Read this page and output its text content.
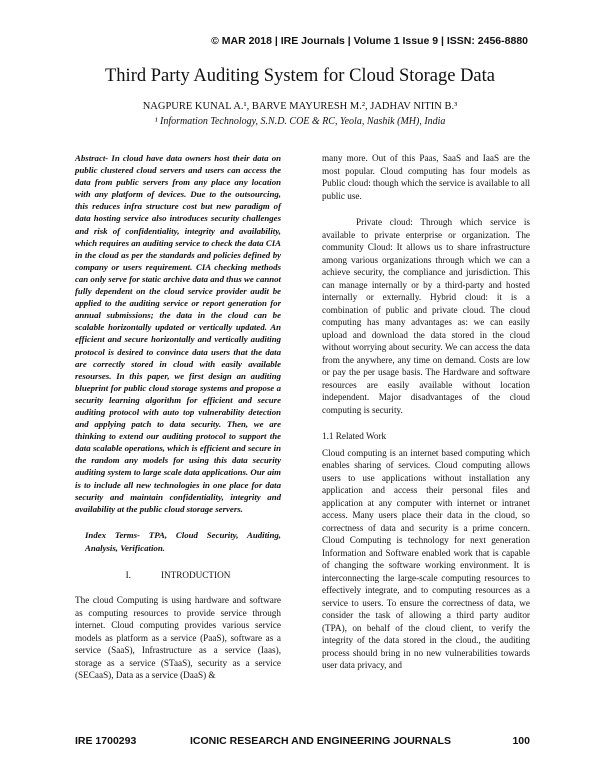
© MAR 2018 | IRE Journals | Volume 1 Issue 9 | ISSN: 2456-8880
Third Party Auditing System for Cloud Storage Data
NAGPURE KUNAL A.¹, BARVE MAYURESH M.², JADHAV NITIN B.³
¹ Information Technology, S.N.D. COE & RC, Yeola, Nashik (MH), India
Abstract- In cloud have data owners host their data on public clustered cloud servers and users can access the data from public servers from any place any location with any platform of devices. Due to the outsourcing, this reduces infra structure cost but new paradigm of data hosting service also introduces security challenges and risk of confidentiality, integrity and availability, which requires an auditing service to check the data CIA in the cloud as per the standards and policies defined by company or users requirement. CIA checking methods can only serve for static archive data and thus we cannot fully dependent on the cloud service provider audit be applied to the auditing service or report generation for annual submissions; the data in the cloud can be scalable horizontally updated or vertically updated. An efficient and secure horizontally and vertically auditing protocol is desired to convince data users that the data are correctly stored in cloud with easily available resourses. In this paper, we first design an auditing blueprint for public cloud storage systems and propose a security learning algorithm for efficient and secure auditing protocol with auto top vulnerability detection and applying patch to data security. Then, we are thinking to extend our auditing protocol to support the data scalable operations, which is efficient and secure in the random any models for using this data security auditing system to large scale data applications. Our aim is to include all new technologies in one place for data security and maintain confidentiality, integrity and availability at the public cloud storage servers.
Index Terms- TPA, Cloud Security, Auditing, Analysis, Verification.
I.	INTRODUCTION
The cloud Computing is using hardware and software as computing resources to provide service through internet. Cloud computing provides various service models as platform as a service (PaaS), software as a service (SaaS), Infrastructure as a service (Iaas), storage as a service (STaaS), security as a service (SECaaS), Data as a service (DaaS) &
many more. Out of this Paas, SaaS and IaaS are the most popular. Cloud computing has four models as Public cloud: though which the service is available to all public use.
Private cloud: Through which service is available to private enterprise or organization. The community Cloud: It allows us to share infrastructure among various organizations through which we can a achieve security, the compliance and jurisdiction. This can manage internally or by a third-party and hosted internally or externally. Hybrid cloud: it is a combination of public and private cloud. The cloud computing has many advantages as: we can easily upload and download the data stored in the cloud without worrying about security. We can access the data from the anywhere, any time on demand. Costs are low or pay the per usage basis. The Hardware and software resources are easily available without location independent. Major disadvantages of the cloud computing is security.
1.1 Related Work
Cloud computing is an internet based computing which enables sharing of services. Cloud computing allows users to use applications without installation any application and access their personal files and application at any computer with internet or intranet access. Many users place their data in the cloud, so correctness of data and security is a prime concern. Cloud Computing is technology for next generation Information and Software enabled work that is capable of changing the software working environment. It is interconnecting the large-scale computing resources to effectively integrate, and to computing resources as a service to users. To ensure the correctness of data, we consider the task of allowing a third party auditor (TPA), on behalf of the cloud client, to verify the integrity of the data stored in the cloud., the auditing process should bring in no new vulnerabilities towards user data privacy, and
IRE 1700293	ICONIC RESEARCH AND ENGINEERING JOURNALS	100
